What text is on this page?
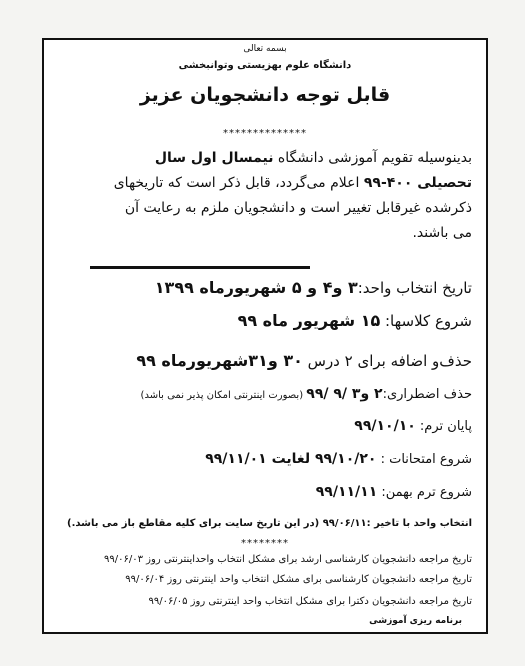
بسمه تعالی
دانشگاه علوم بهزیستی وتوانبخشی
قابل توجه دانشجویان عزیز
**************
بدینوسیله تقویم آموزشی دانشگاه نیمسال اول سال
تحصیلی ۴۰۰-۹۹ اعلام می‌گردد، قابل ذکر است که تاریخهای
ذکرشده غیرقابل تغییر است و دانشجویان ملزم به رعایت آن
می باشند.
تاریخ انتخاب واحد:۳ و۴ و ۵ شهریورماه ۱۳۹۹
شروع کلاسها: ۱۵ شهریور ماه ۹۹
حذف‌و اضافه برای ۲ درس ۳۰ و۳۱شهریورماه ۹۹
حذف اضطراری:۲ و۳ /۹ /۹۹ (بصورت اینترنتی امکان پذیر نمی باشد)
پایان ترم: ۹۹/۱۰/۱۰
شروع امتحانات : ۹۹/۱۰/۲۰ لغایت ۹۹/۱۱/۰۱
شروع ترم بهمن: ۹۹/۱۱/۱۱
انتخاب واحد با تاخیر :۹۹/۰۶/۱۱ (در این تاریخ سایت برای کلیه مقاطع باز می باشد.)
********
تاریخ مراجعه دانشجویان کارشناسی ارشد برای مشکل انتخاب واحداینترنتی روز ۹۹/۰۶/۰۳
تاریخ مراجعه دانشجویان کارشناسی برای مشکل انتخاب واحد اینترنتی روز ۹۹/۰۶/۰۴
تاریخ مراجعه دانشجویان دکترا برای مشکل انتخاب واحد اینترنتی روز ۹۹/۰۶/۰۵
برنامه ریزی آموزشی
